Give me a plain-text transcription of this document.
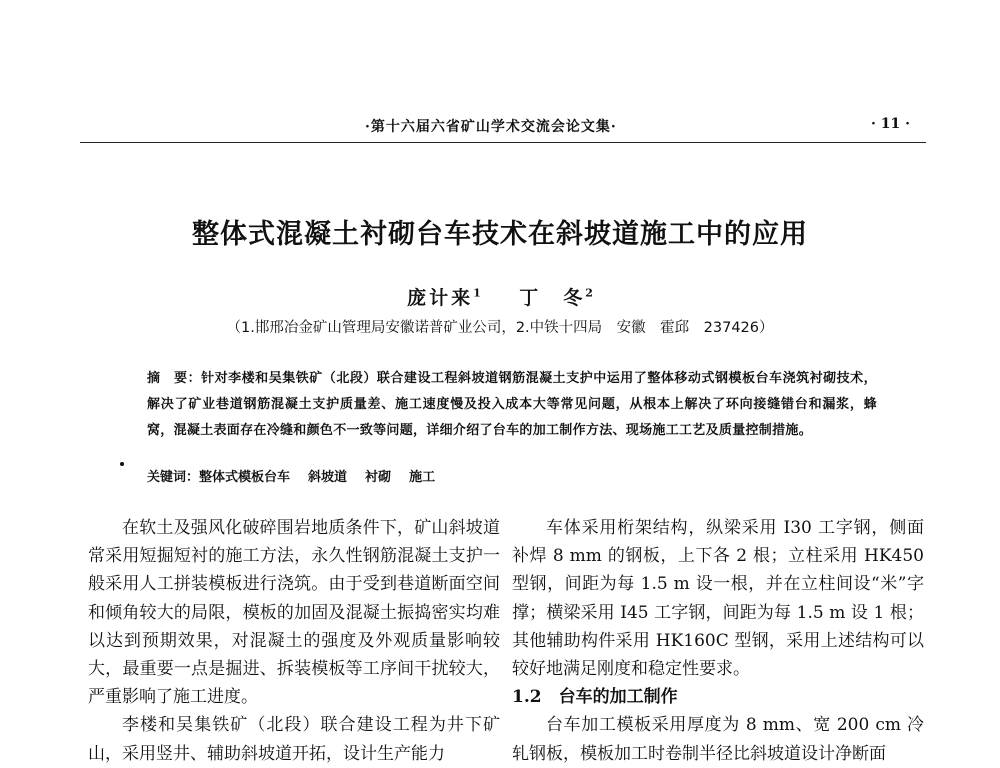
·第十六届六省矿山学术交流会论文集·	· 11 ·
整体式混凝土衬砌台车技术在斜坡道施工中的应用
庞计来$^1$ 丁　冬$^2$
（1.邯邢冶金矿山管理局安徽诺普矿业公司，2.中铁十四局　安徽　霍邱　237426）
摘　要：针对李楼和吴集铁矿（北段）联合建设工程斜坡道钢筋混凝土支护中运用了整体移动式钢模板台车浇筑衬砌技术，解决了矿业巷道钢筋混凝土支护质量差、施工速度慢及投入成本大等常见问题，从根本上解决了环向接缝错台和漏浆，蜂窝，混凝土表面存在冷缝和颜色不一致等问题，详细介绍了台车的加工制作方法、现场施工工艺及质量控制措施。
关键词：整体式模板台车 斜坡道 衬砌 施工

在软土及强风化破碎围岩地质条件下，矿山斜坡道常采用短掘短衬的施工方法，永久性钢筋混凝土支护一般采用人工拼装模板进行浇筑。由于受到巷道断面空间和倾角较大的局限，模板的加固及混凝土振捣密实均难以达到预期效果，对混凝土的强度及外观质量影响较大，最重要一点是掘进、拆装模板等工序间干扰较大，严重影响了施工进度。

李楼和吴集铁矿（北段）联合建设工程为井下矿山，采用竖井、辅助斜坡道开拓，设计生产能力

车体采用桁架结构，纵梁采用 I30 工字钢，侧面补焊 8 mm 的钢板，上下各 2 根；立柱采用 HK450 型钢，间距为每 1.5 m 设一根，并在立柱间设“米”字撑；横梁采用 I45 工字钢，间距为每 1.5 m 设 1 根；其他辅助构件采用 HK160C 型钢，采用上述结构可以较好地满足刚度和稳定性要求。

1.2　台车的加工制作

台车加工模板采用厚度为 8 mm、宽 200 cm 冷轧钢板，模板加工时卷制半径比斜坡道设计净断面
